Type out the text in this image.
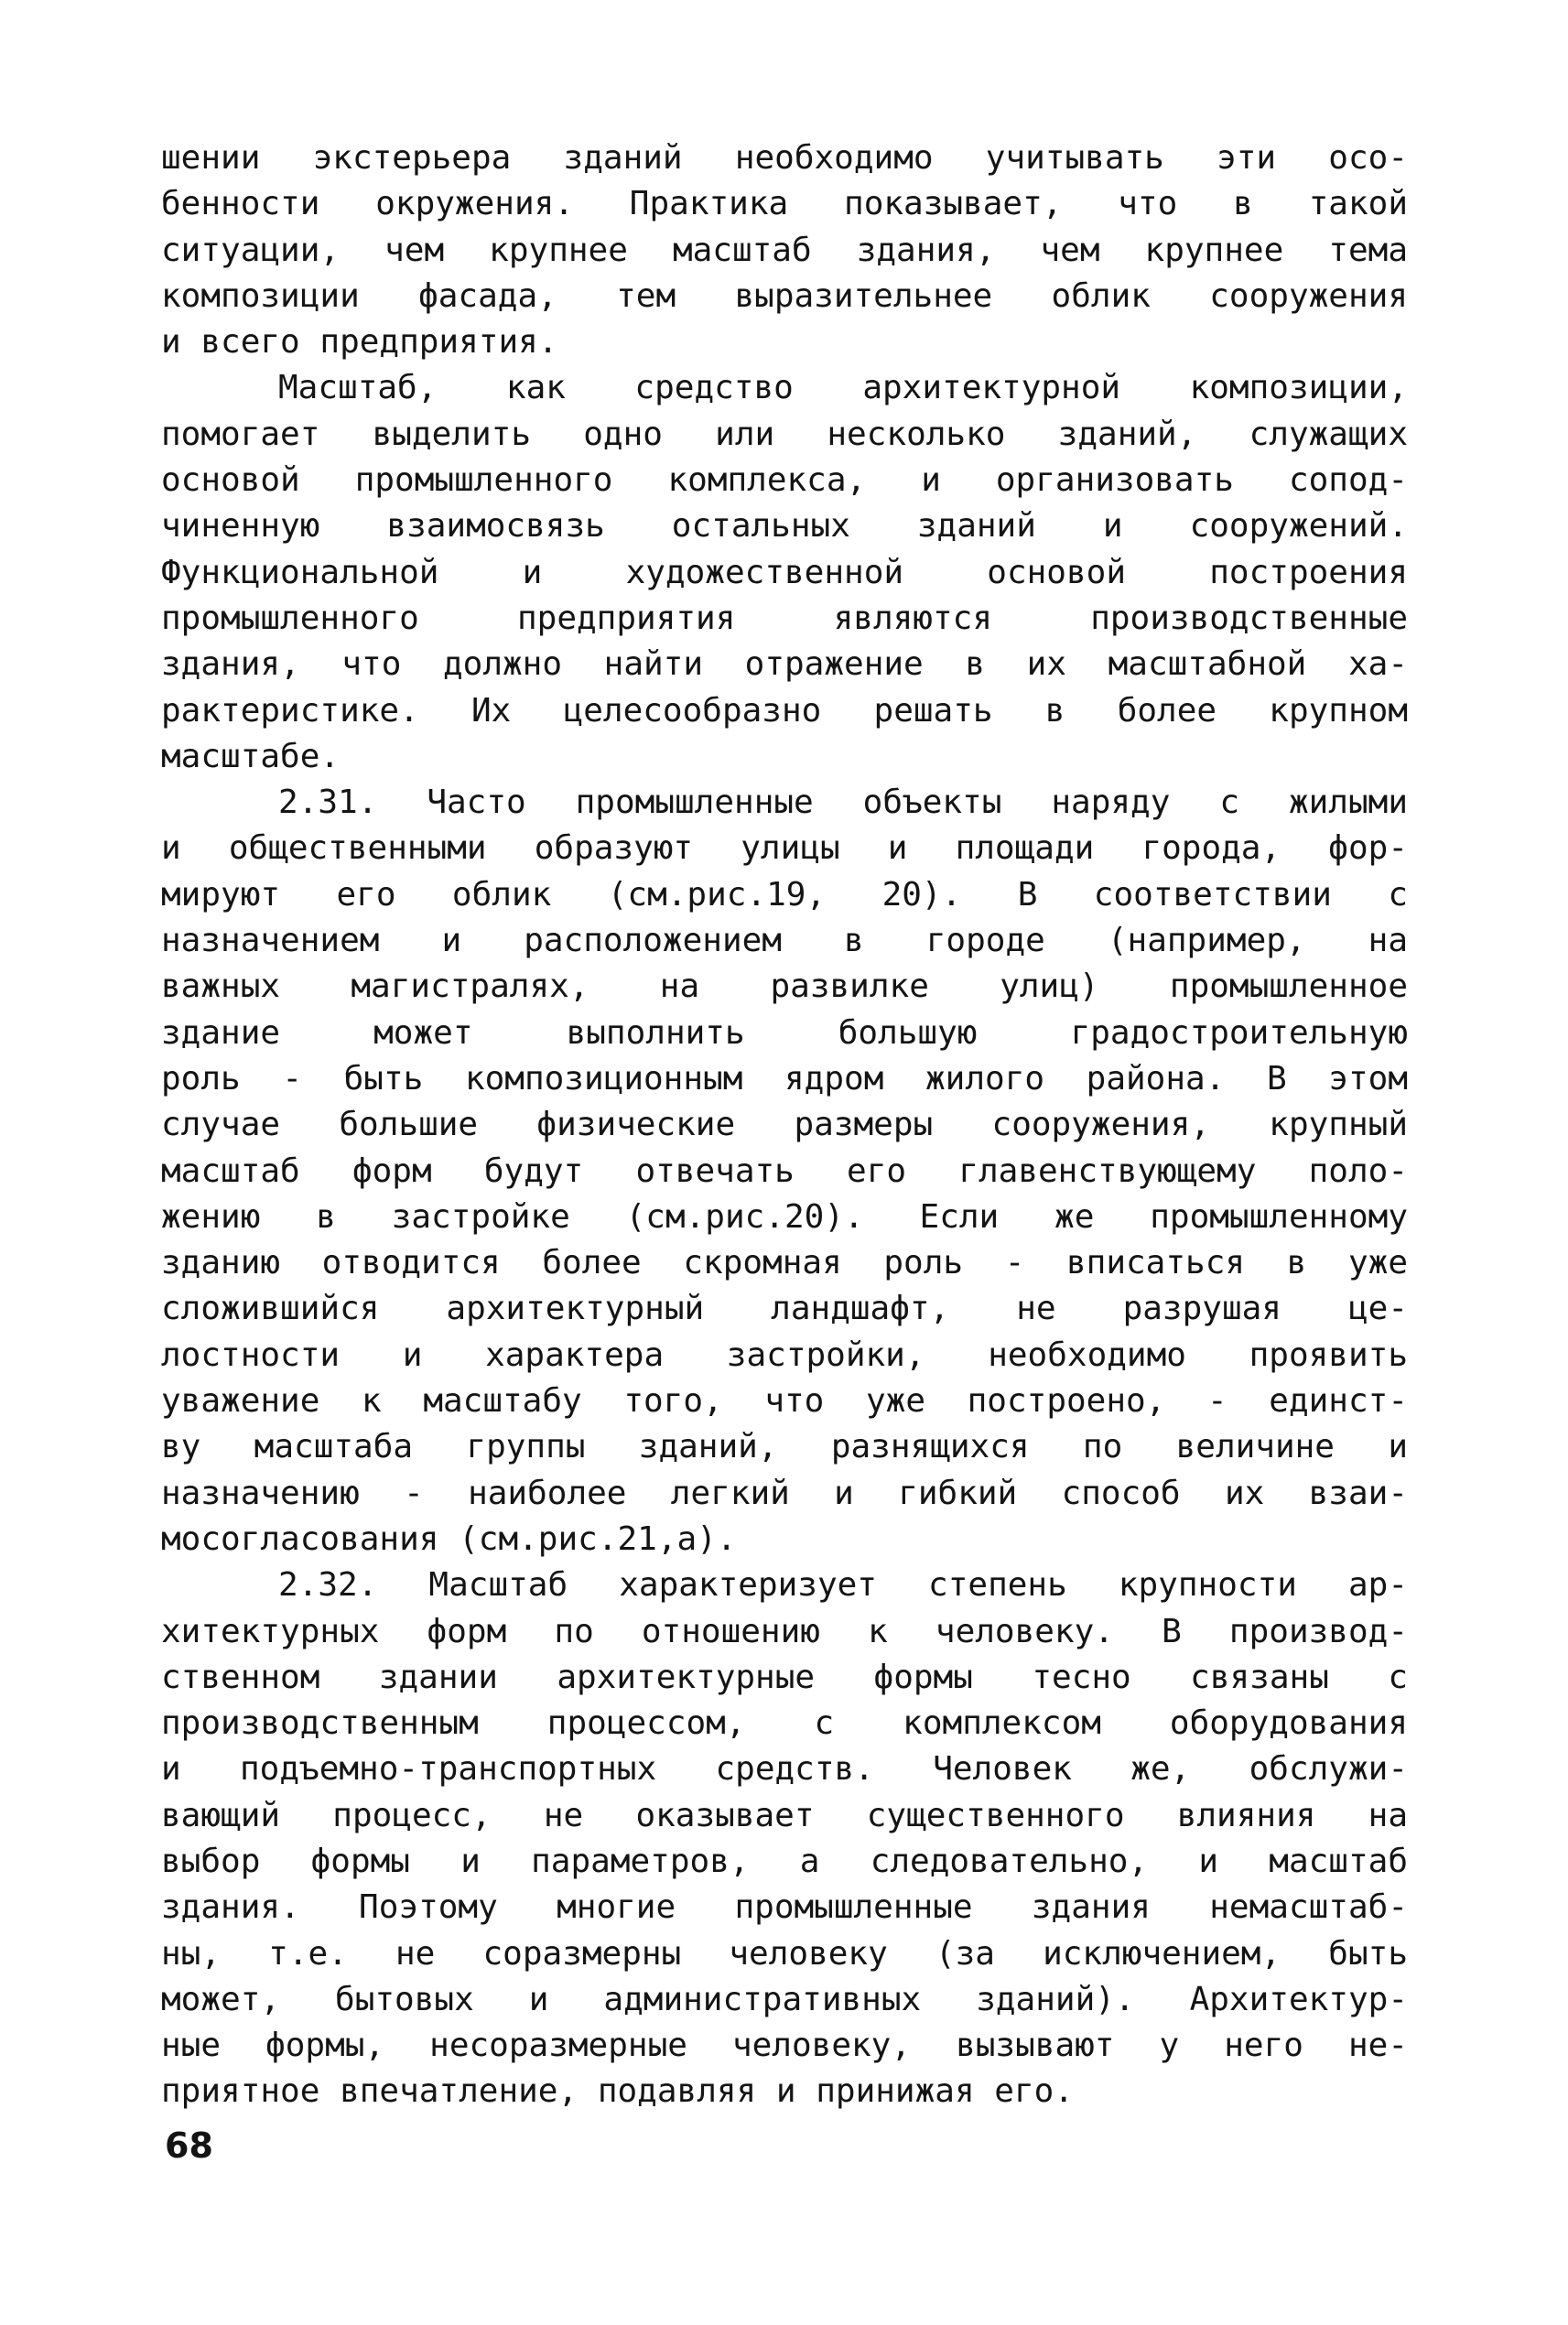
шении экстерьера зданий необходимо учитывать эти осо-
бенности окружения. Практика показывает, что в такой
ситуации, чем крупнее масштаб здания, чем крупнее тема
композиции фасада, тем выразительнее облик сооружения
и всего предприятия.
Масштаб, как средство архитектурной композиции,
помогает выделить одно или несколько зданий, служащих
основой промышленного комплекса, и организовать сопод-
чиненную взаимосвязь остальных зданий и сооружений.
Функциональной и художественной основой построения
промышленного предприятия являются производственные
здания, что должно найти отражение в их масштабной ха-
рактеристике. Их целесообразно решать в более крупном
масштабе.
2.31. Часто промышленные объекты наряду с жилыми
и общественными образуют улицы и площади города, фор-
мируют его облик (см.рис.19, 20). В соответствии с
назначением и расположением в городе (например, на
важных магистралях, на развилке улиц) промышленное
здание может выполнить большую градостроительную
роль - быть композиционным ядром жилого района. В этом
случае большие физические размеры сооружения, крупный
масштаб форм будут отвечать его главенствующему поло-
жению в застройке (см.рис.20). Если же промышленному
зданию отводится более скромная роль - вписаться в уже
сложившийся архитектурный ландшафт, не разрушая це-
лостности и характера застройки, необходимо проявить
уважение к масштабу того, что уже построено, - единст-
ву масштаба группы зданий, разнящихся по величине и
назначению - наиболее легкий и гибкий способ их взаи-
мосогласования (см.рис.21,а).
2.32. Масштаб характеризует степень крупности ар-
хитектурных форм по отношению к человеку. В производ-
ственном здании архитектурные формы тесно связаны с
производственным процессом, с комплексом оборудования
и подъемно-транспортных средств. Человек же, обслужи-
вающий процесс, не оказывает существенного влияния на
выбор формы и параметров, а следовательно, и масштаб
здания. Поэтому многие промышленные здания немасштаб-
ны, т.е. не соразмерны человеку (за исключением, быть
может, бытовых и административных зданий). Архитектур-
ные формы, несоразмерные человеку, вызывают у него не-
приятное впечатление, подавляя и принижая его.
68
